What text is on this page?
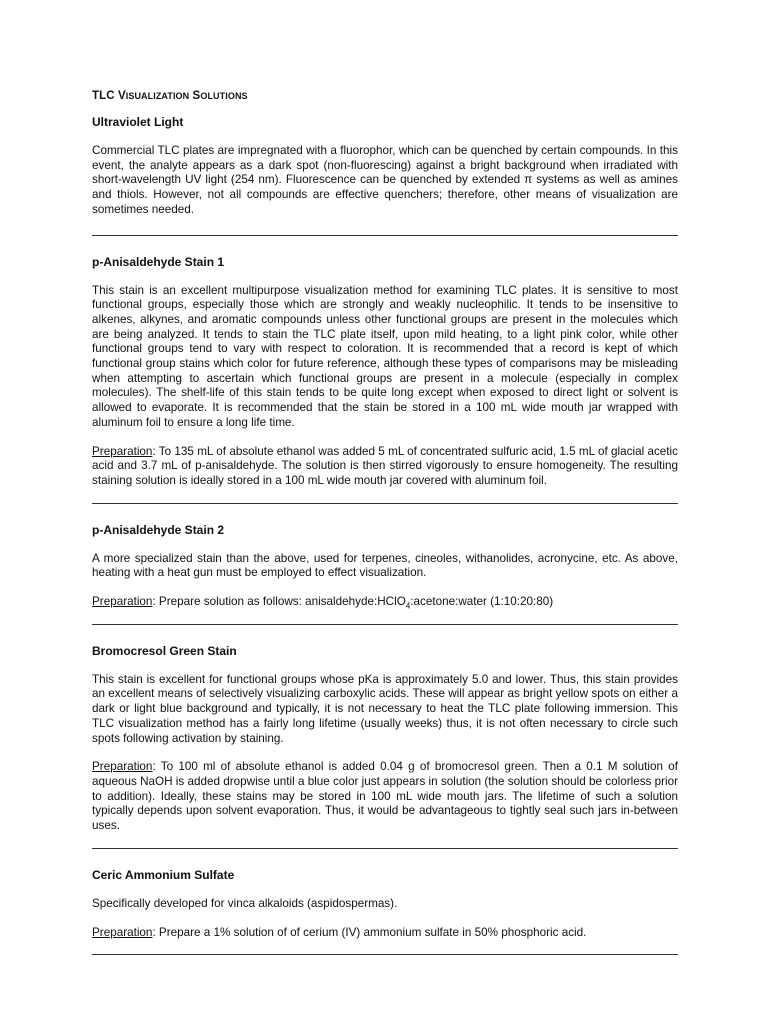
TLC VISUALIZATION SOLUTIONS
Ultraviolet Light

Commercial TLC plates are impregnated with a fluorophor, which can be quenched by certain compounds. In this event, the analyte appears as a dark spot (non-fluorescing) against a bright background when irradiated with short-wavelength UV light (254 nm). Fluorescence can be quenched by extended π systems as well as amines and thiols. However, not all compounds are effective quenchers; therefore, other means of visualization are sometimes needed.

p-Anisaldehyde Stain 1

This stain is an excellent multipurpose visualization method for examining TLC plates. It is sensitive to most functional groups, especially those which are strongly and weakly nucleophilic. It tends to be insensitive to alkenes, alkynes, and aromatic compounds unless other functional groups are present in the molecules which are being analyzed. It tends to stain the TLC plate itself, upon mild heating, to a light pink color, while other functional groups tend to vary with respect to coloration. It is recommended that a record is kept of which functional group stains which color for future reference, although these types of comparisons may be misleading when attempting to ascertain which functional groups are present in a molecule (especially in complex molecules). The shelf-life of this stain tends to be quite long except when exposed to direct light or solvent is allowed to evaporate. It is recommended that the stain be stored in a 100 mL wide mouth jar wrapped with aluminum foil to ensure a long life time.

Preparation: To 135 mL of absolute ethanol was added 5 mL of concentrated sulfuric acid, 1.5 mL of glacial acetic acid and 3.7 mL of p-anisaldehyde. The solution is then stirred vigorously to ensure homogeneity. The resulting staining solution is ideally stored in a 100 mL wide mouth jar covered with aluminum foil.

p-Anisaldehyde Stain 2

A more specialized stain than the above, used for terpenes, cineoles, withanolides, acronycine, etc. As above, heating with a heat gun must be employed to effect visualization.

Preparation: Prepare solution as follows: anisaldehyde:HClO$_4$:acetone:water (1:10:20:80)

Bromocresol Green Stain

This stain is excellent for functional groups whose pKa is approximately 5.0 and lower. Thus, this stain provides an excellent means of selectively visualizing carboxylic acids. These will appear as bright yellow spots on either a dark or light blue background and typically, it is not necessary to heat the TLC plate following immersion. This TLC visualization method has a fairly long lifetime (usually weeks) thus, it is not often necessary to circle such spots following activation by staining.

Preparation: To 100 ml of absolute ethanol is added 0.04 g of bromocresol green. Then a 0.1 M solution of aqueous NaOH is added dropwise until a blue color just appears in solution (the solution should be colorless prior to addition). Ideally, these stains may be stored in 100 mL wide mouth jars. The lifetime of such a solution typically depends upon solvent evaporation. Thus, it would be advantageous to tightly seal such jars in-between uses.

Ceric Ammonium Sulfate

Specifically developed for vinca alkaloids (aspidospermas).

Preparation: Prepare a 1% solution of of cerium (IV) ammonium sulfate in 50% phosphoric acid.
